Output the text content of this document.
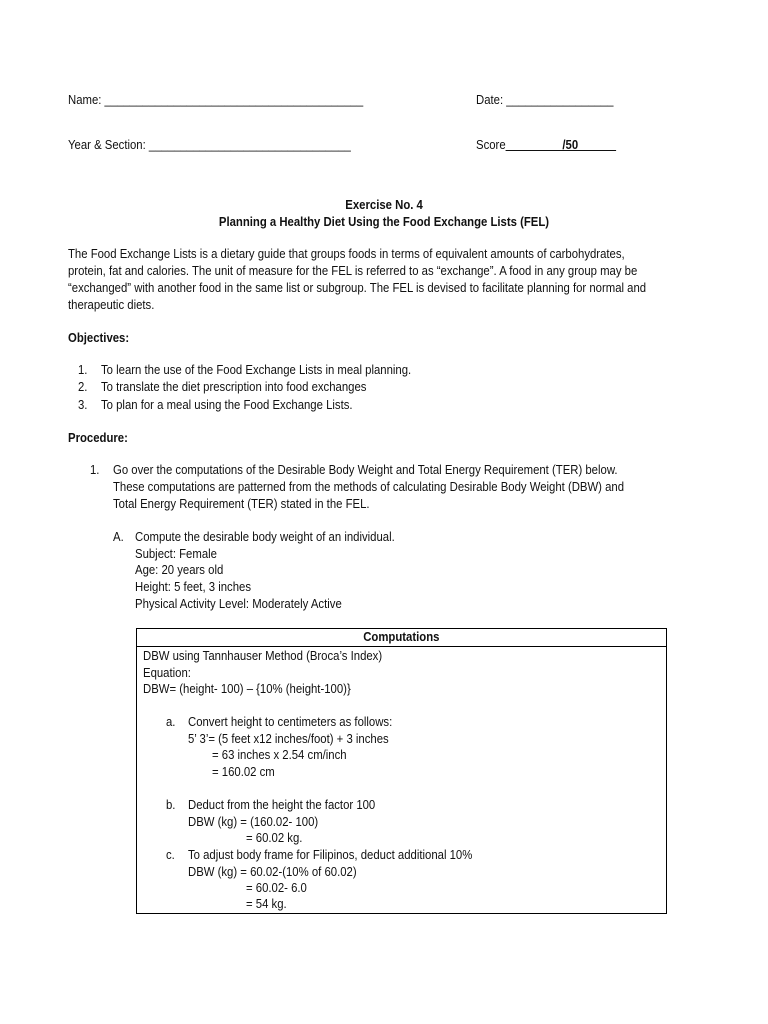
Name: _________________________________________	Date: _________________
Year & Section: ________________________________	Score_________/50______
Exercise No. 4
Planning a Healthy Diet Using the Food Exchange Lists (FEL)
The Food Exchange Lists is a dietary guide that groups foods in terms of equivalent amounts of carbohydrates,
protein, fat and calories. The unit of measure for the FEL is referred to as “exchange”. A food in any group may be
“exchanged” with another food in the same list or subgroup. The FEL is devised to facilitate planning for normal and
therapeutic diets.
Objectives:
1. To learn the use of the Food Exchange Lists in meal planning.
2. To translate the diet prescription into food exchanges
3. To plan for a meal using the Food Exchange Lists.
Procedure:
1. Go over the computations of the Desirable Body Weight and Total Energy Requirement (TER) below.
These computations are patterned from the methods of calculating Desirable Body Weight (DBW) and
Total Energy Requirement (TER) stated in the FEL.
A. Compute the desirable body weight of an individual.
Subject: Female
Age: 20 years old
Height: 5 feet, 3 inches
Physical Activity Level: Moderately Active
Computations
DBW using Tannhauser Method (Broca’s Index)
Equation:
DBW= (height- 100) – {10% (height-100)}
a. Convert height to centimeters as follows:
5’ 3’= (5 feet x12 inches/foot) + 3 inches
= 63 inches x 2.54 cm/inch
= 160.02 cm
b. Deduct from the height the factor 100
DBW (kg) = (160.02- 100)
= 60.02 kg.
c. To adjust body frame for Filipinos, deduct additional 10%
DBW (kg) = 60.02-(10% of 60.02)
= 60.02- 6.0
= 54 kg.
